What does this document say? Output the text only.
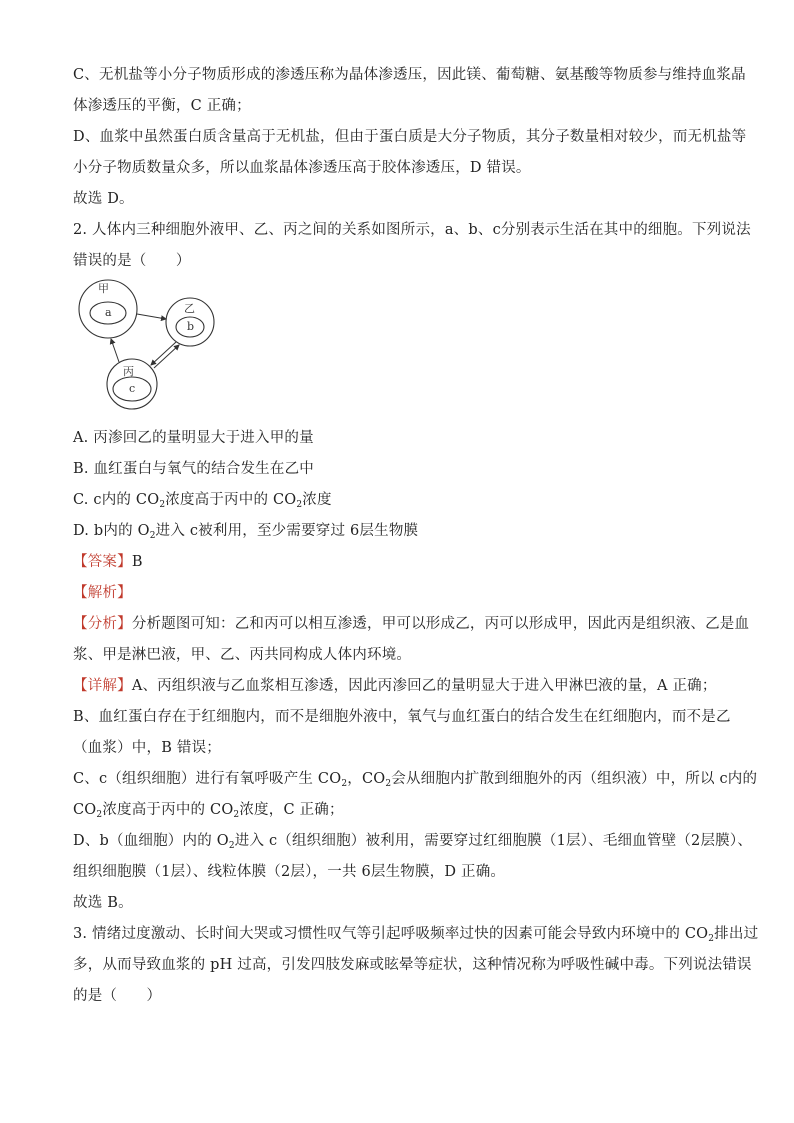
C、无机盐等小分子物质形成的渗透压称为晶体渗透压，因此镁、葡萄糖、氨基酸等物质参与维持血浆晶
体渗透压的平衡，C 正确；
D、血浆中虽然蛋白质含量高于无机盐，但由于蛋白质是大分子物质，其分子数量相对较少，而无机盐等
小分子物质数量众多，所以血浆晶体渗透压高于胶体渗透压，D 错误。
故选 D。
2. 人体内三种细胞外液甲、乙、丙之间的关系如图所示，a、b、c分别表示生活在其中的细胞。下列说法
错误的是（　　）
甲
a	乙
b
丙
c
A. 丙渗回乙的量明显大于进入甲的量
B. 血红蛋白与氧气的结合发生在乙中
C. c内的 $CO_2$浓度高于丙中的 $CO_2$浓度
D. b内的 $O_2$进入 c被利用，至少需要穿过 6层生物膜
【答案】B
【解析】
【分析】分析题图可知：乙和丙可以相互渗透，甲可以形成乙，丙可以形成甲，因此丙是组织液、乙是血
浆、甲是淋巴液，甲、乙、丙共同构成人体内环境。
【详解】A、丙组织液与乙血浆相互渗透，因此丙渗回乙的量明显大于进入甲淋巴液的量，A 正确；
B、血红蛋白存在于红细胞内，而不是细胞外液中，氧气与血红蛋白的结合发生在红细胞内，而不是乙
（血浆）中，B 错误；
C、c（组织细胞）进行有氧呼吸产生 $CO_2$，$CO_2$会从细胞内扩散到细胞外的丙（组织液）中，所以 c内的
$CO_2$浓度高于丙中的 $CO_2$浓度，C 正确；
D、b（血细胞）内的 $O_2$进入 c（组织细胞）被利用，需要穿过红细胞膜（1层）、毛细血管壁（2层膜）、
组织细胞膜（1层）、线粒体膜（2层），一共 6层生物膜，D 正确。
故选 B。
3. 情绪过度激动、长时间大哭或习惯性叹气等引起呼吸频率过快的因素可能会导致内环境中的 $CO_2$排出过
多，从而导致血浆的 pH 过高，引发四肢发麻或眩晕等症状，这种情况称为呼吸性碱中毒。下列说法错误
的是（　　）
